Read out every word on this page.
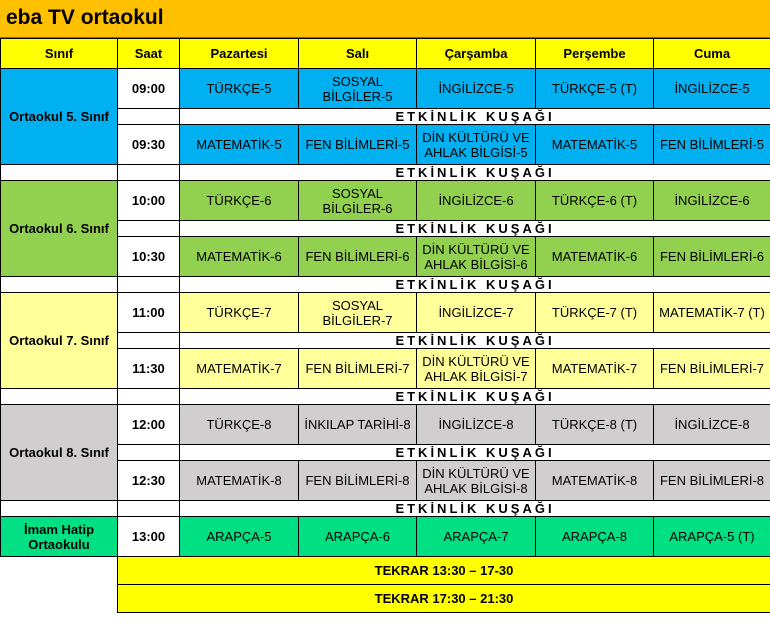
eba TV ortaokul
Sınıf	Saat	Pazartesi	Salı	Çarşamba	Perşembe	Cuma
Ortaokul 5. Sınıf	09:00	TÜRKÇE-5	SOSYAL BİLGİLER-5	İNGİLİZCE-5	TÜRKÇE-5 (T)	İNGİLİZCE-5
		ETKİNLİK KUŞAĞI				
	09:30	MATEMATİK-5	FEN BİLİMLERİ-5	DİN KÜLTÜRÜ VE AHLAK BİLGİSİ-5	MATEMATİK-5	FEN BİLİMLERİ-5
		ETKİNLİK KUŞAĞI				
Ortaokul 6. Sınıf	10:00	TÜRKÇE-6	SOSYAL BİLGİLER-6	İNGİLİZCE-6	TÜRKÇE-6 (T)	İNGİLİZCE-6
		ETKİNLİK KUŞAĞI				
	10:30	MATEMATİK-6	FEN BİLİMLERİ-6	DİN KÜLTÜRÜ VE AHLAK BİLGİSİ-6	MATEMATİK-6	FEN BİLİMLERİ-6
		ETKİNLİK KUŞAĞI				
Ortaokul 7. Sınıf	11:00	TÜRKÇE-7	SOSYAL BİLGİLER-7	İNGİLİZCE-7	TÜRKÇE-7 (T)	MATEMATİK-7 (T)
		ETKİNLİK KUŞAĞI				
	11:30	MATEMATİK-7	FEN BİLİMLERİ-7	DİN KÜLTÜRÜ VE AHLAK BİLGİSİ-7	MATEMATİK-7	FEN BİLİMLERİ-7
		ETKİNLİK KUŞAĞI				
Ortaokul 8. Sınıf	12:00	TÜRKÇE-8	İNKILAP TARİHİ-8	İNGİLİZCE-8	TÜRKÇE-8 (T)	İNGİLİZCE-8
		ETKİNLİK KUŞAĞI				
	12:30	MATEMATİK-8	FEN BİLİMLERİ-8	DİN KÜLTÜRÜ VE AHLAK BİLGİSİ-8	MATEMATİK-8	FEN BİLİMLERİ-8
		ETKİNLİK KUŞAĞI				
İmam Hatip Ortaokulu	13:00	ARAPÇA-5	ARAPÇA-6	ARAPÇA-7	ARAPÇA-8	ARAPÇA-5 (T)
	TEKRAR 13:30 – 17-30					
	TEKRAR 17:30 – 21:30					
